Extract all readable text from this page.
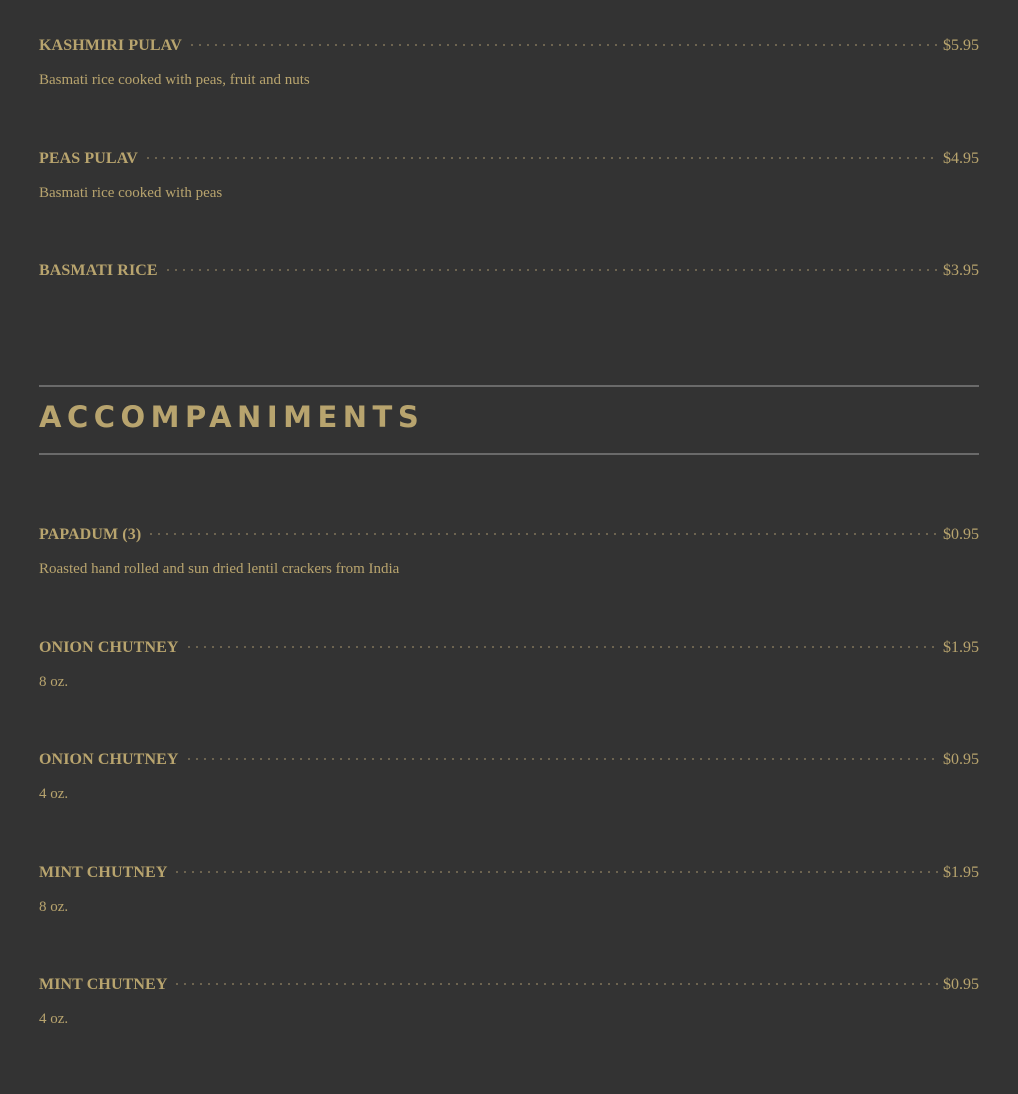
KASHMIRI PULAV	$5.95
Basmati rice cooked with peas, fruit and nuts
PEAS PULAV	$4.95
Basmati rice cooked with peas
BASMATI RICE	$3.95
ACCOMPANIMENTS
PAPADUM (3)	$0.95
Roasted hand rolled and sun dried lentil crackers from India
ONION CHUTNEY	$1.95
8 oz.
ONION CHUTNEY	$0.95
4 oz.
MINT CHUTNEY	$1.95
8 oz.
MINT CHUTNEY	$0.95
4 oz.
